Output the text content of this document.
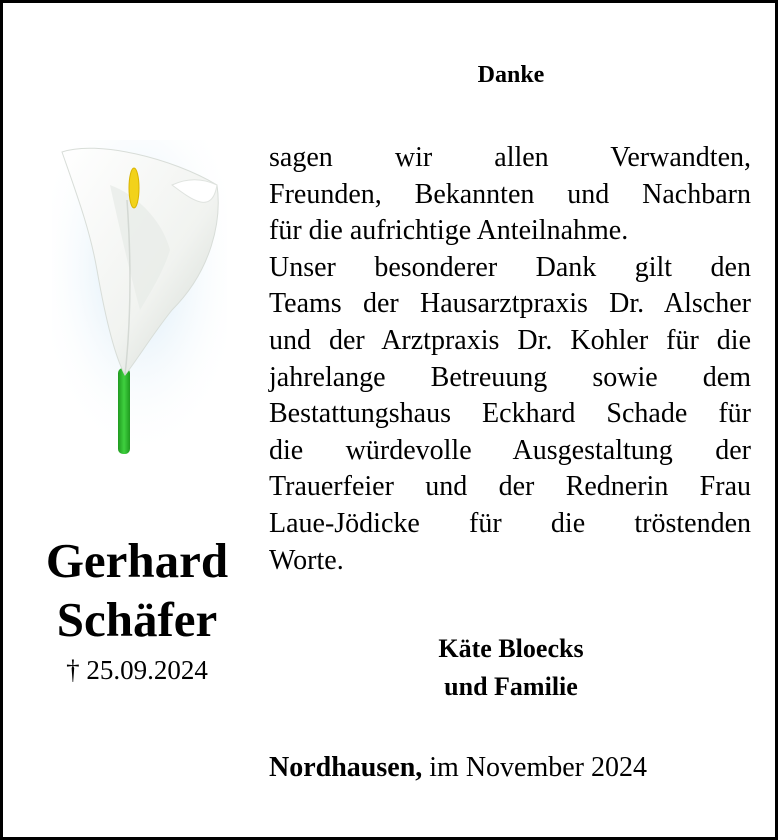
Danke
sagen wir allen Verwandten,
Freunden, Bekannten und Nachbarn
für die aufrichtige Anteilnahme.
Unser besonderer Dank gilt den
Teams der Hausarztpraxis Dr. Alscher
und der Arztpraxis Dr. Kohler für die
jahrelange Betreuung sowie dem
Bestattungshaus Eckhard Schade für
die würdevolle Ausgestaltung der
Trauerfeier und der Rednerin Frau
Laue-Jödicke für die tröstenden
Worte.
Käte Bloecks
und Familie
Nordhausen, im November 2024
Gerhard
Schäfer
† 25.09.2024
